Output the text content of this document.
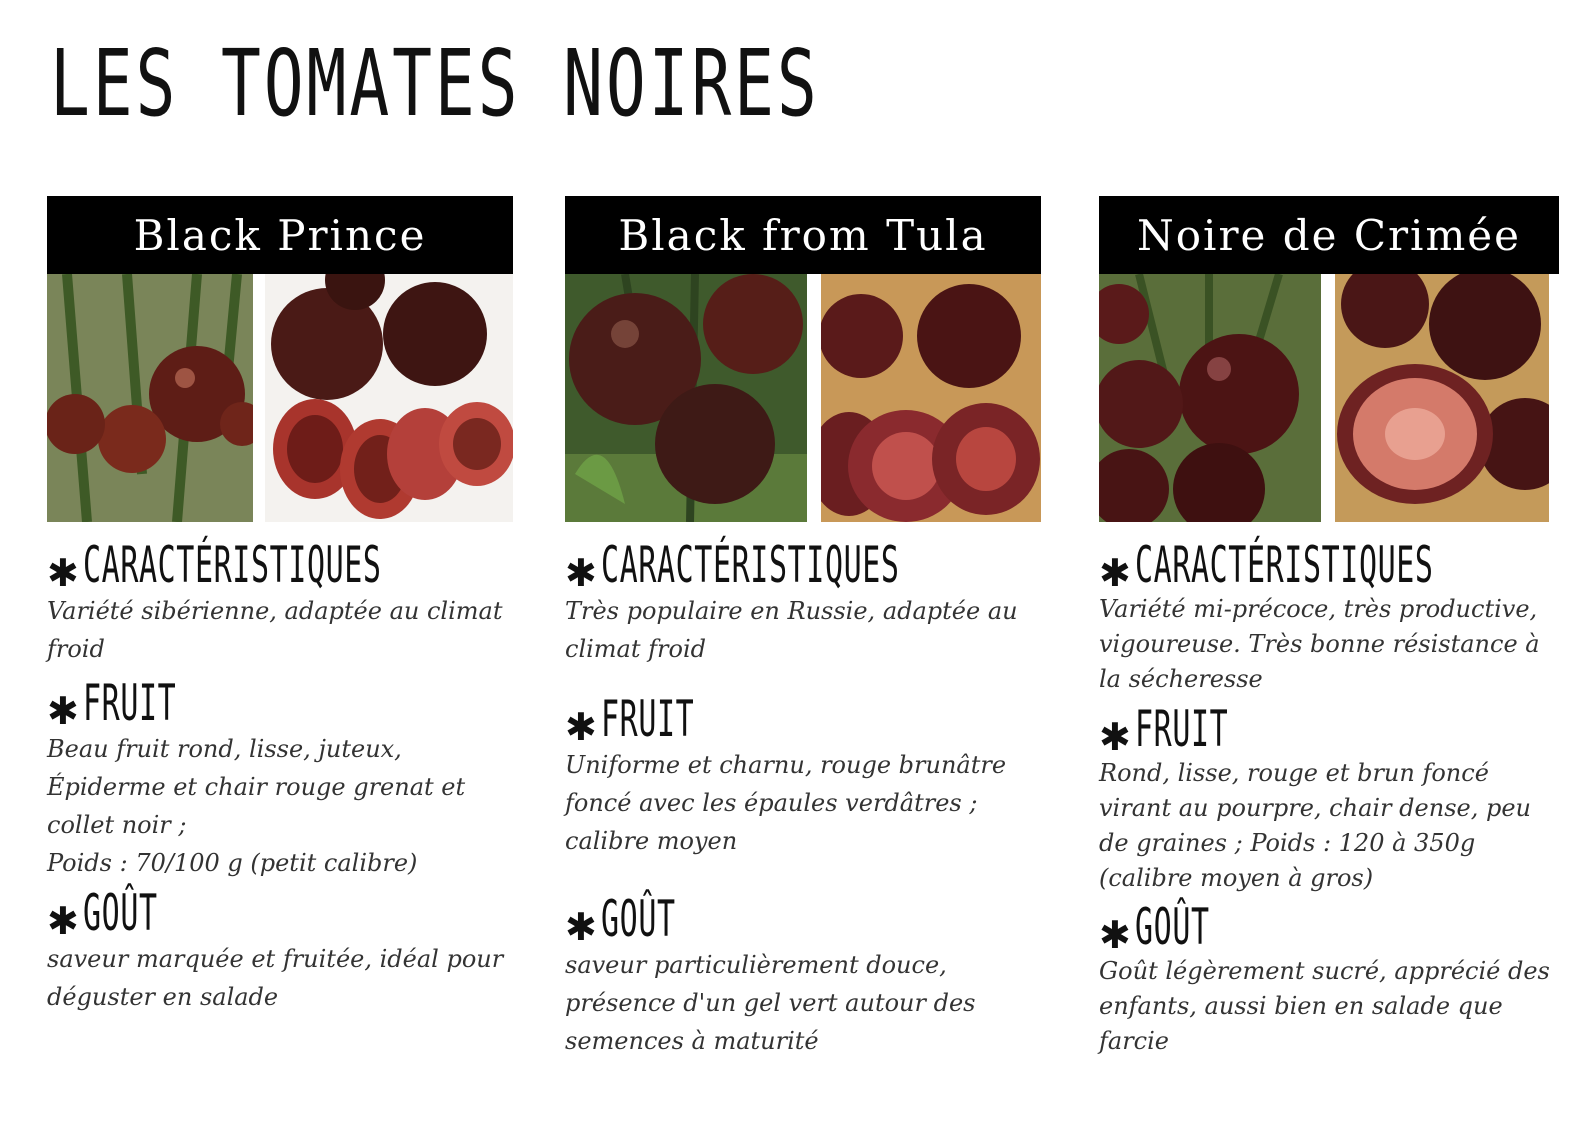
LES TOMATES NOIRES
Black Prince
✱ CARACTÉRISTIQUES

Variété sibérienne, adaptée au climat froid

✱ FRUIT

Beau fruit rond, lisse, juteux, Épiderme et chair rouge grenat et collet noir ;

Poids : 70/100 g (petit calibre)

✱ GOÛT

saveur marquée et fruitée, idéal pour déguster en salade

Black from Tula
✱ CARACTÉRISTIQUES

Très populaire en Russie, adaptée au climat froid

✱ FRUIT

Uniforme et charnu, rouge brunâtre foncé avec les épaules verdâtres ; calibre moyen

✱ GOÛT

saveur particulièrement douce, présence d'un gel vert autour des semences à maturité

Noire de Crimée
✱ CARACTÉRISTIQUES

Variété mi-précoce, très productive, vigoureuse. Très bonne résistance à la sécheresse

✱ FRUIT

Rond, lisse, rouge et brun foncé virant au pourpre, chair dense, peu de graines ; Poids : 120 à 350g (calibre moyen à gros)

✱ GOÛT

Goût légèrement sucré, apprécié des enfants, aussi bien en salade que farcie
